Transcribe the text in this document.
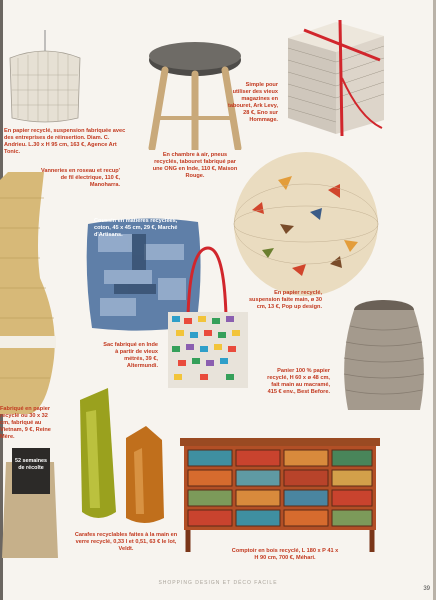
En papier recyclé, suspension fabriquée avec des entreprises de réinsertion. Diam. C. Andrieu. L.30 x H 95 cm, 163 €, Agence Art Tonic.	En chambre à air, pneus recyclés, tabouret fabriqué par une ONG en Inde, 110 €, Maison Rouge.
Simple pour utiliser des vieux magazines en tabouret, Ark Levy, 28 €, Eno sur Hommage.
Vanneries en roseau et recup' de fil électrique, 110 €, Manoharra.
Coussin en matières recyclées, coton, 45 x 45 cm, 29 €, Marché d'Artisans.
En papier recyclé, suspension faite main, ø 30 cm, 13 €, Pop up design.
Sac fabriqué en Inde à partir de vieux métrés, 39 €, Altermundi.
Panier 100 % papier recyclé, H 60 x ø 48 cm, fait main au macramé, 415 € env., Best Before.
Fabriqué en papier recyclé ou 30 x 32 cm, fabriqué au Vietnam, 9 €, Reine Mère.
52 semaines de récolte
Carafes recyclables faites à la main en verre recyclé, 0,33 l et 0,51, 63 € le lot, Veldt.	Comptoir en bois recyclé, L 180 x P 41 x H 90 cm, 700 €, Méhari.
SHOPPING DESIGN ET DÉCO FACILE
39
